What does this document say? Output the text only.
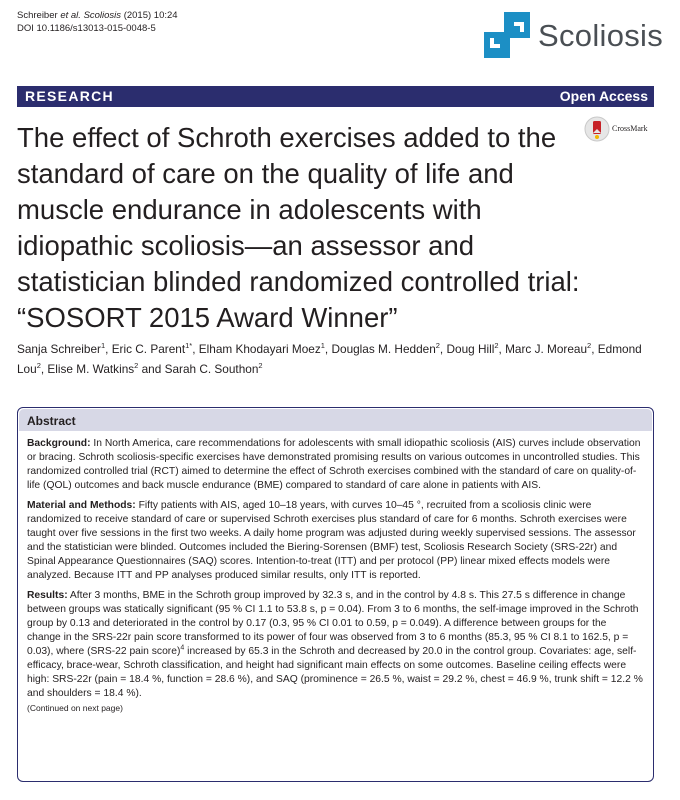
Schreiber et al. Scoliosis (2015) 10:24
DOI 10.1186/s13013-015-0048-5	Scoliosis
RESEARCH	Open Access
CrossMark
The effect of Schroth exercises added to the standard of care on the quality of life and muscle endurance in adolescents with idiopathic scoliosis—an assessor and statistician blinded randomized controlled trial: “SOSORT 2015 Award Winner”

Sanja Schreiber$^1$, Eric C. Parent$^{1*}$, Elham Khodayari Moez$^1$, Douglas M. Hedden$^2$, Doug Hill$^2$, Marc J. Moreau$^2$, Edmond Lou$^2$, Elise M. Watkins$^2$ and Sarah C. Southon$^2$

Abstract

Background: In North America, care recommendations for adolescents with small idiopathic scoliosis (AIS) curves include observation or bracing. Schroth scoliosis-specific exercises have demonstrated promising results on various outcomes in uncontrolled studies. This randomized controlled trial (RCT) aimed to determine the effect of Schroth exercises combined with the standard of care on quality-of-life (QOL) outcomes and back muscle endurance (BME) compared to standard of care alone in patients with AIS.

Material and Methods: Fifty patients with AIS, aged 10–18 years, with curves 10–45 °, recruited from a scoliosis clinic were randomized to receive standard of care or supervised Schroth exercises plus standard of care for 6 months. Schroth exercises were taught over five sessions in the first two weeks. A daily home program was adjusted during weekly supervised sessions. The assessor and the statistician were blinded. Outcomes included the Biering-Sorensen (BMF) test, Scoliosis Research Society (SRS-22r) and Spinal Appearance Questionnaires (SAQ) scores. Intention-to-treat (ITT) and per protocol (PP) linear mixed effects models were analyzed. Because ITT and PP analyses produced similar results, only ITT is reported.

Results: After 3 months, BME in the Schroth group improved by 32.3 s, and in the control by 4.8 s. This 27.5 s difference in change between groups was statically significant (95 % CI 1.1 to 53.8 s, p = 0.04). From 3 to 6 months, the self-image improved in the Schroth group by 0.13 and deteriorated in the control by 0.17 (0.3, 95 % CI 0.01 to 0.59, p = 0.049). A difference between groups for the change in the SRS-22r pain score transformed to its power of four was observed from 3 to 6 months (85.3, 95 % CI 8.1 to 162.5, p = 0.03), where (SRS-22 pain score)$^4$ increased by 65.3 in the Schroth and decreased by 20.0 in the control group. Covariates: age, self-efficacy, brace-wear, Schroth classification, and height had significant main effects on some outcomes. Baseline ceiling effects were high: SRS-22r (pain = 18.4 %, function = 28.6 %), and SAQ (prominence = 26.5 %, waist = 29.2 %, chest = 46.9 %, trunk shift = 12.2 % and shoulders = 18.4 %).

(Continued on next page)
